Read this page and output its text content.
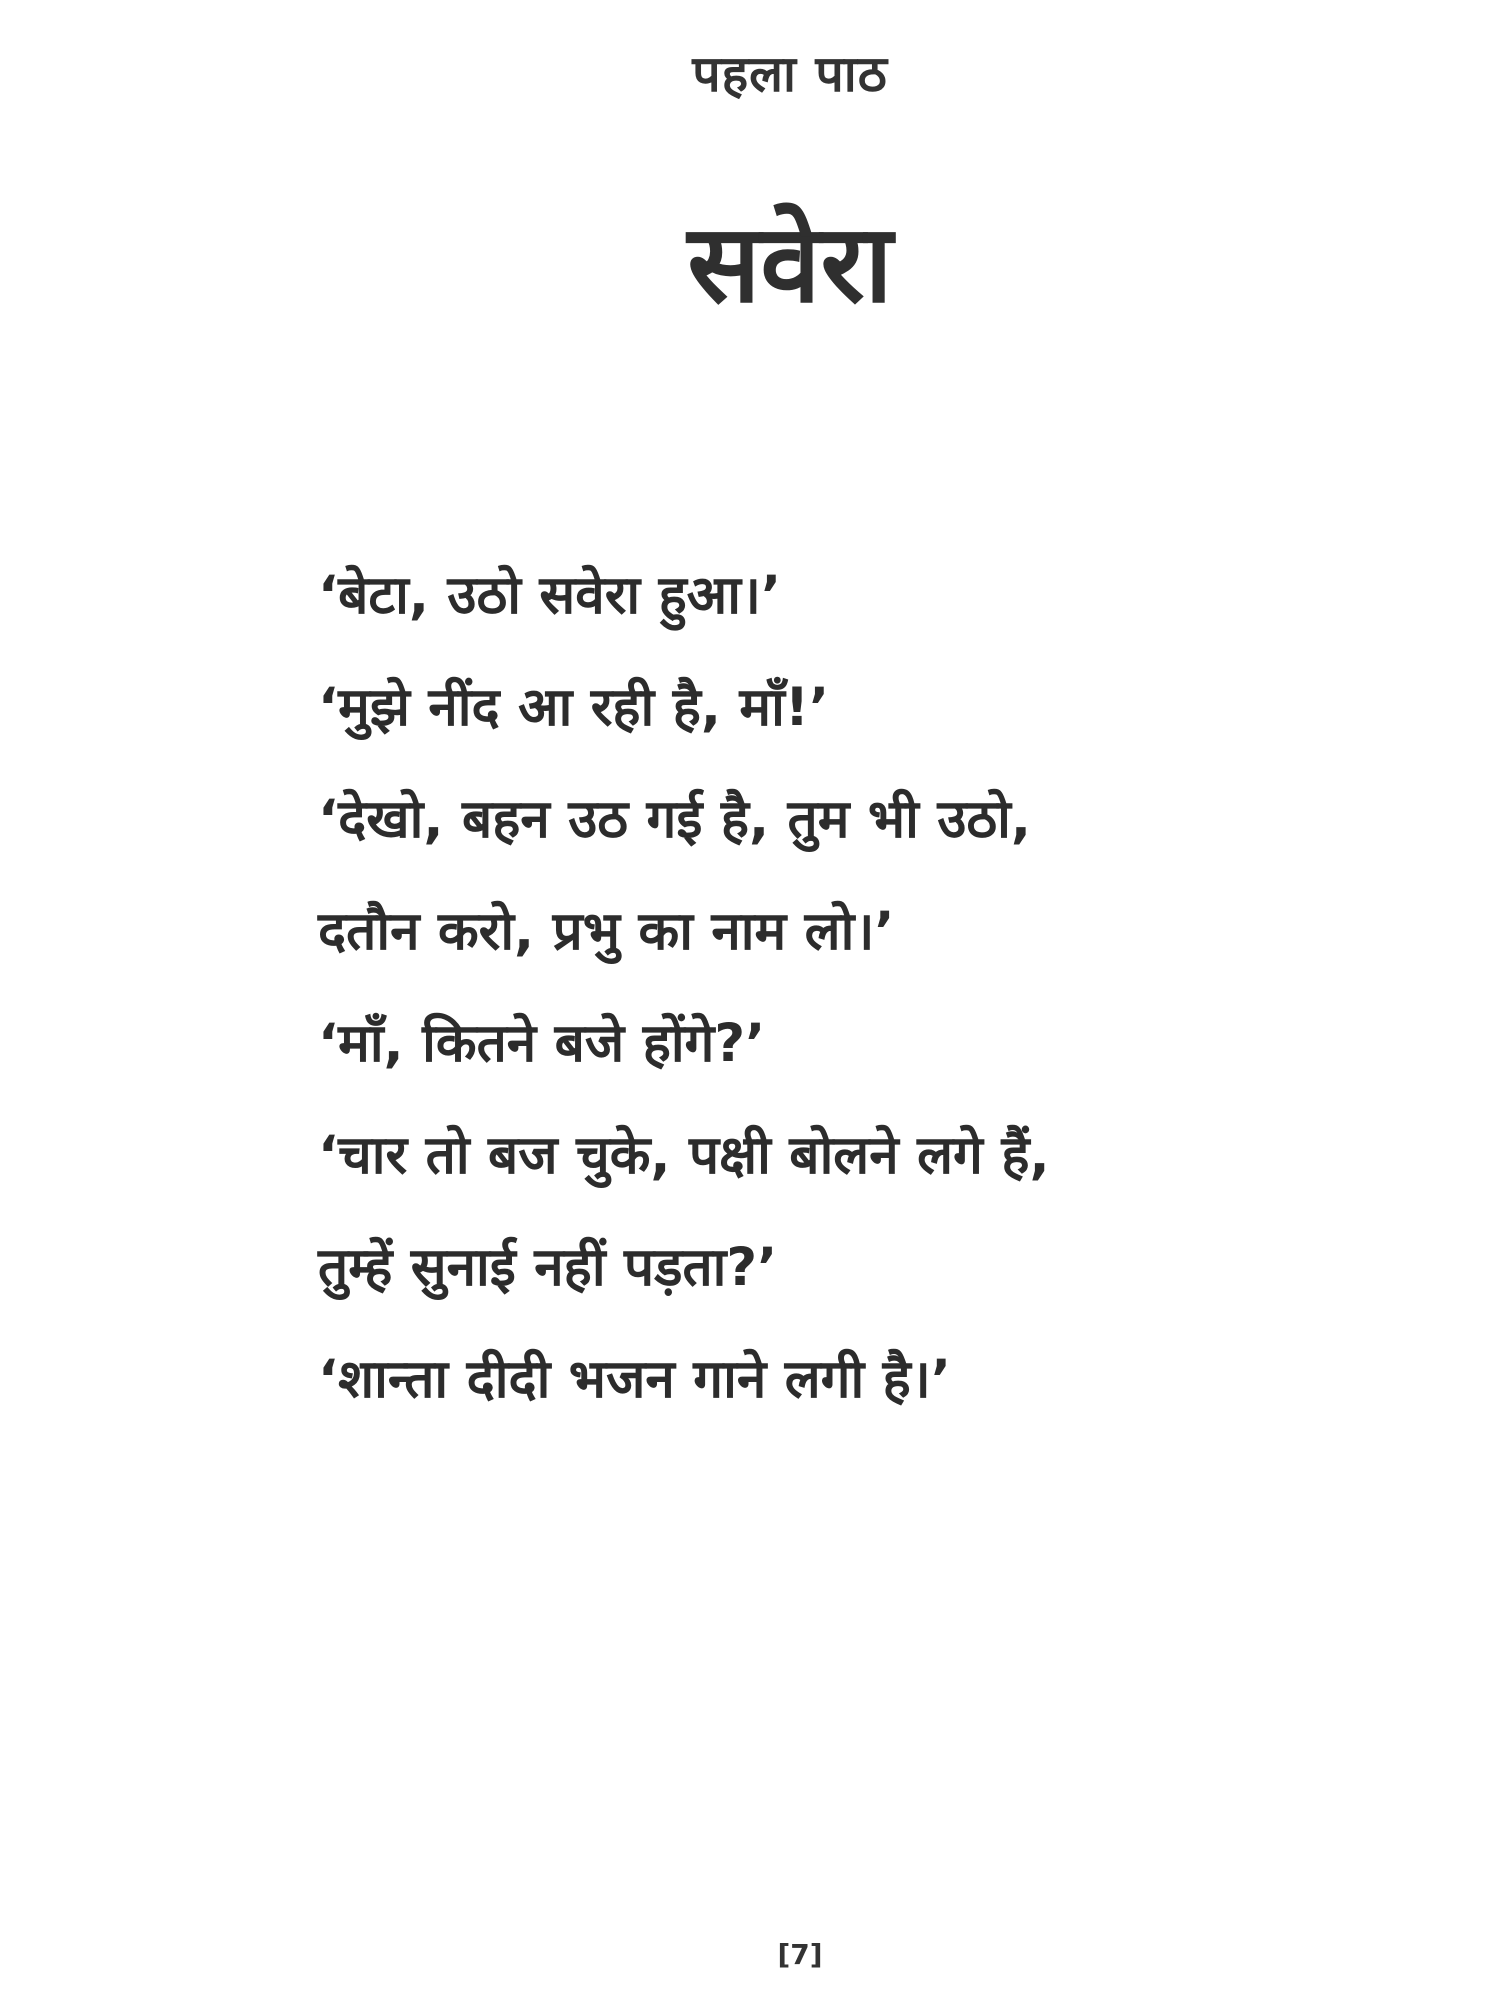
पहला पाठ
सवेरा
‘बेटा, उठो सवेरा हुआ।’
‘मुझे नींद आ रही है, माँ!’
‘देखो, बहन उठ गई है, तुम भी उठो,
दतौन करो, प्रभु का नाम लो।’
‘माँ, कितने बजे होंगे?’
‘चार तो बज चुके, पक्षी बोलने लगे हैं,
तुम्हें सुनाई नहीं पड़ता?’
‘शान्ता दीदी भजन गाने लगी है।’
[7]
